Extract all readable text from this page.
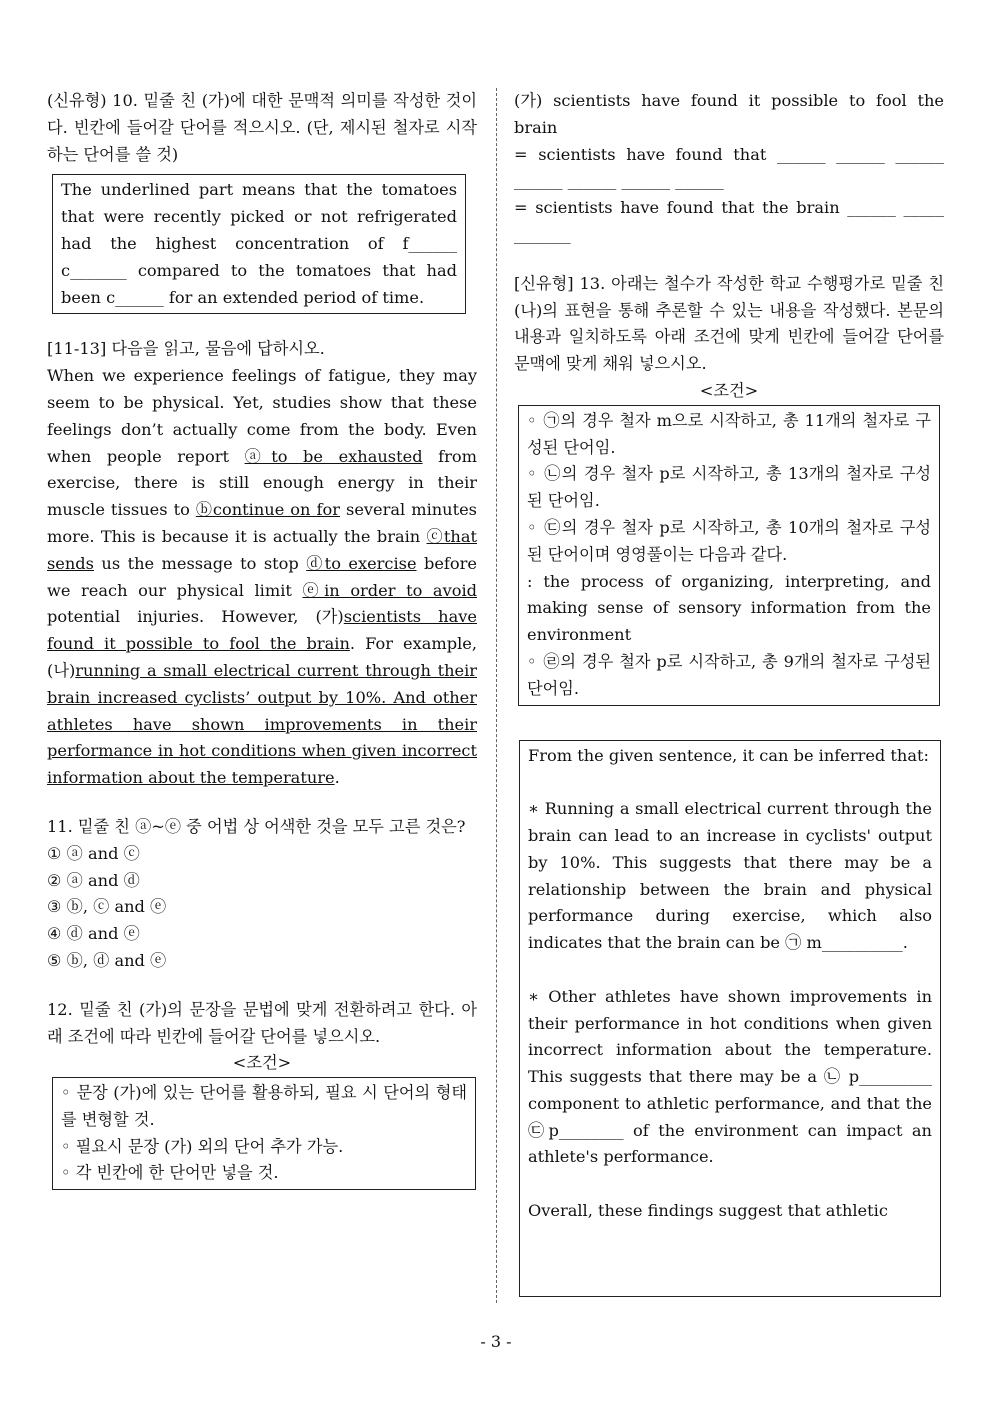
(신유형) 10. 밑줄 친 (가)에 대한 문맥적 의미를 작성한 것이다. 빈칸에 들어갈 단어를 적으시오. (단, 제시된 철자로 시작하는 단어를 쓸 것)

The underlined part means that the tomatoes that were recently picked or not refrigerated had the highest concentration of f______ c_______ compared to the tomatoes that had been c______ for an extended period of time.

[11-13] 다음을 읽고, 물음에 답하시오.

When we experience feelings of fatigue, they may seem to be physical. Yet, studies show that these feelings don’t actually come from the body. Even when people report ⓐto be exhausted from exercise, there is still enough energy in their muscle tissues to ⓑcontinue on for several minutes more. This is because it is actually the brain ⓒthat sends us the message to stop ⓓto exercise before we reach our physical limit ⓔin order to avoid potential injuries. However, (가)scientists have found it possible to fool the brain. For example, (나)running a small electrical current through their brain increased cyclists’ output by 10%. And other athletes have shown improvements in their performance in hot conditions when given incorrect information about the temperature.

11. 밑줄 친 ⓐ~ⓔ 중 어법 상 어색한 것을 모두 고른 것은?

① ⓐ and ⓒ
② ⓐ and ⓓ
③ ⓑ, ⓒ and ⓔ
④ ⓓ and ⓔ
⑤ ⓑ, ⓓ and ⓔ

12. 밑줄 친 (가)의 문장을 문법에 맞게 전환하려고 한다. 아래 조건에 따라 빈칸에 들어갈 단어를 넣으시오.

<조건>

◦ 문장 (가)에 있는 단어를 활용하되, 필요 시 단어의 형태를 변형할 것.

◦ 필요시 문장 (가) 외의 단어 추가 가능.

◦ 각 빈칸에 한 단어만 넣을 것.

(가) scientists have found it possible to fool the brain

= scientists have found that ______ ______ ______ ______ ______ ______ ______

= scientists have found that the brain ______ _____ _______

[신유형] 13. 아래는 철수가 작성한 학교 수행평가로 밑줄 친 (나)의 표현을 통해 추론할 수 있는 내용을 작성했다. 본문의 내용과 일치하도록 아래 조건에 맞게 빈칸에 들어갈 단어를 문맥에 맞게 채워 넣으시오.

<조건>

◦ ㉠의 경우 철자 m으로 시작하고, 총 11개의 철자로 구성된 단어임.

◦ ㉡의 경우 철자 p로 시작하고, 총 13개의 철자로 구성된 단어임.

◦ ㉢의 경우 철자 p로 시작하고, 총 10개의 철자로 구성된 단어이며 영영풀이는 다음과 같다.

: the process of organizing, interpreting, and making sense of sensory information from the environment

◦ ㉣의 경우 철자 p로 시작하고, 총 9개의 철자로 구성된 단어임.

From the given sentence, it can be inferred that:

∗ Running a small electrical current through the brain can lead to an increase in cyclists' output by 10%. This suggests that there may be a relationship between the brain and physical performance during exercise, which also indicates that the brain can be ㉠ m__________.

∗ Other athletes have shown improvements in their performance in hot conditions when given incorrect information about the temperature. This suggests that there may be a ㉡ p_________ component to athletic performance, and that the ㉢p________ of the environment can impact an athlete's performance.

Overall, these findings suggest that athletic

- 3 -
